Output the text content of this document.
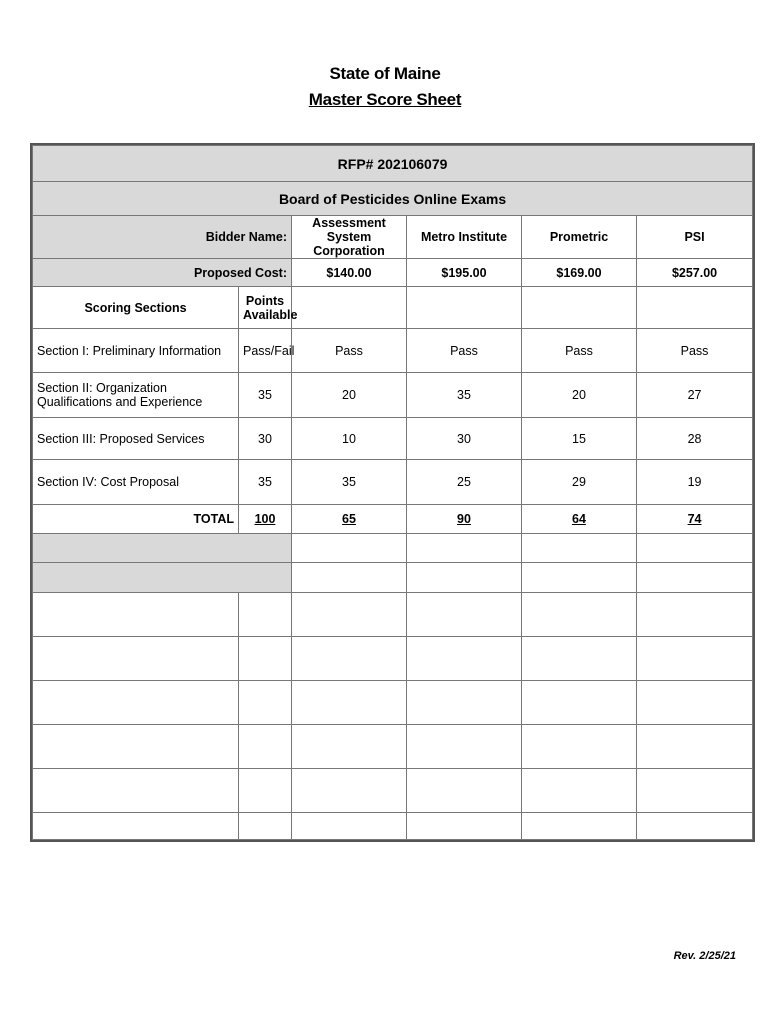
State of Maine
Master Score Sheet
RFP# 202106079					
Board of Pesticides Online Exams					
Bidder Name:		Assessment System Corporation	Metro Institute	Prometric	PSI
Proposed Cost:		$140.00	$195.00	$169.00	$257.00
Scoring Sections	Points Available				
Section I: Preliminary Information	Pass/Fail	Pass	Pass	Pass	Pass
Section II: Organization Qualifications and Experience	35	20	35	20	27
Section III: Proposed Services	30	10	30	15	28
Section IV: Cost Proposal	35	35	25	29	19
TOTAL	100	65	90	64	74

Rev. 2/25/21
